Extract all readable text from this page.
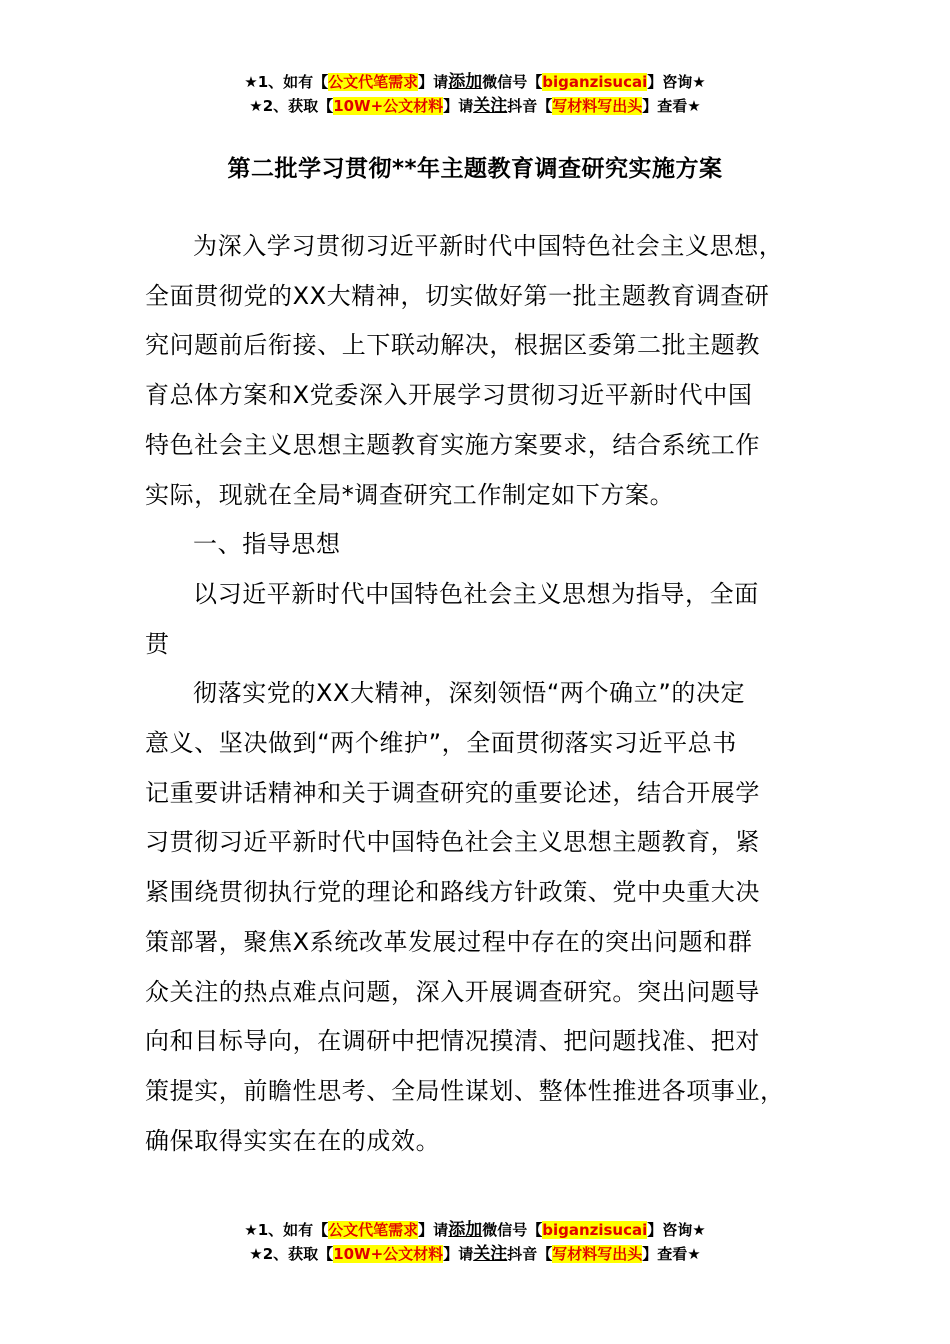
★1、如有【公文代笔需求】请添加微信号【biganzisucai】咨询★
★2、获取【10W+公文材料】请关注抖音【写材料写出头】查看★
第二批学习贯彻**年主题教育调查研究实施方案

为深入学习贯彻习近平新时代中国特色社会主义思想，
全面贯彻党的XX大精神，切实做好第一批主题教育调查研
究问题前后衔接、上下联动解决，根据区委第二批主题教
育总体方案和X党委深入开展学习贯彻习近平新时代中国
特色社会主义思想主题教育实施方案要求，结合系统工作
实际，现就在全局*调查研究工作制定如下方案。

一、指导思想

以习近平新时代中国特色社会主义思想为指导，全面
贯

彻落实党的XX大精神，深刻领悟“两个确立”的决定
意义、坚决做到“两个维护”，全面贯彻落实习近平总书
记重要讲话精神和关于调查研究的重要论述，结合开展学
习贯彻习近平新时代中国特色社会主义思想主题教育，紧
紧围绕贯彻执行党的理论和路线方针政策、党中央重大决
策部署，聚焦X系统改革发展过程中存在的突出问题和群
众关注的热点难点问题，深入开展调查研究。突出问题导
向和目标导向，在调研中把情况摸清、把问题找准、把对
策提实，前瞻性思考、全局性谋划、整体性推进各项事业，
确保取得实实在在的成效。

★1、如有【公文代笔需求】请添加微信号【biganzisucai】咨询★
★2、获取【10W+公文材料】请关注抖音【写材料写出头】查看★
